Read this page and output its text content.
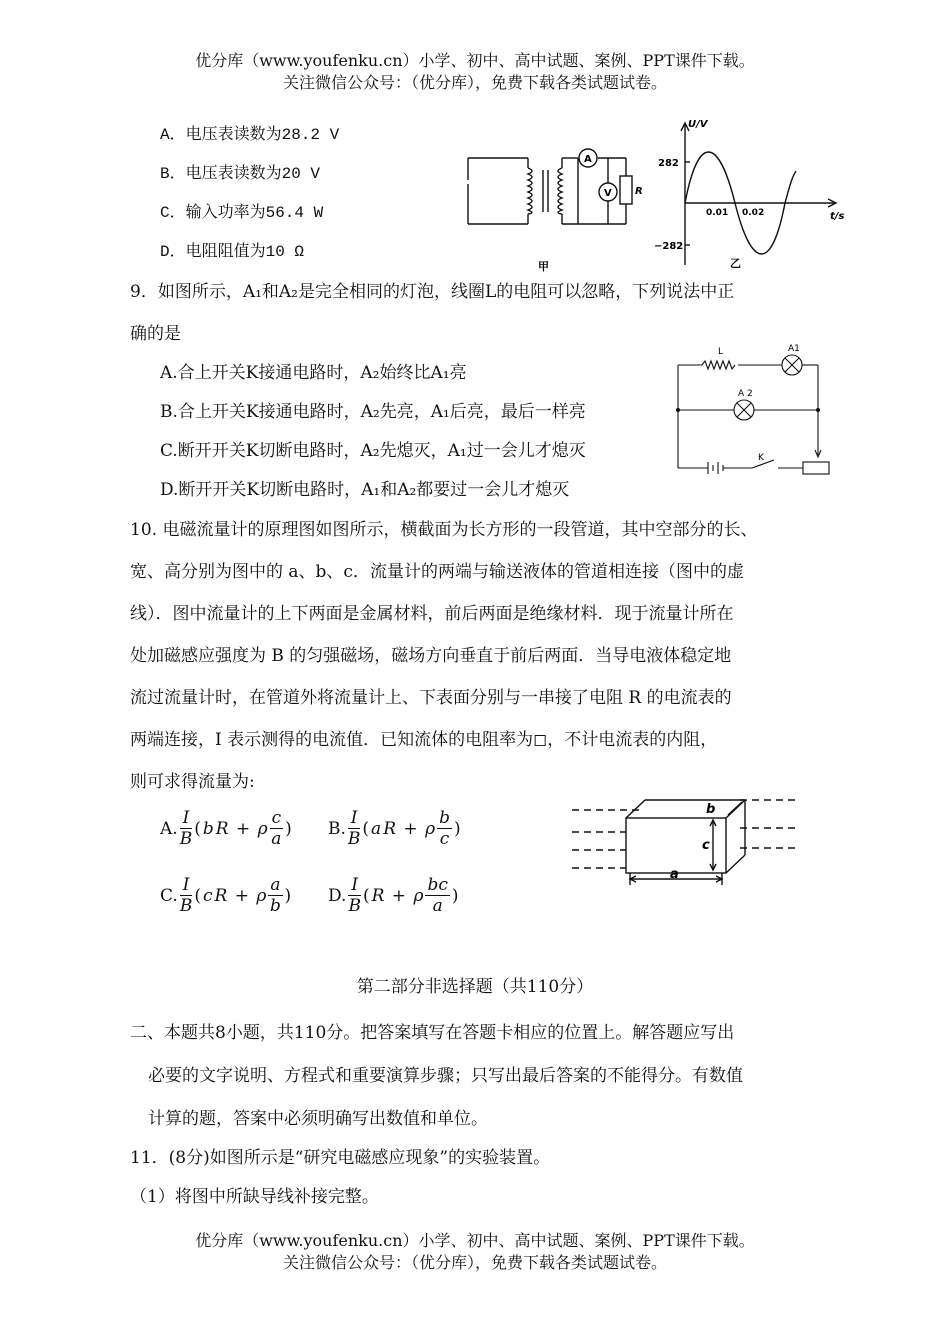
优分库（www.youfenku.cn）小学、初中、高中试题、案例、PPT课件下载。
关注微信公众号：（优分库），免费下载各类试题试卷。
A．电压表读数为28.2 V
B．电压表读数为20 V
C．输入功率为56.4 W
D．电阻阻值为10 Ω
A
V R
甲
U/V
t/s
282
−282
0.01 0.02
乙
9．如图所示，A₁和A₂是完全相同的灯泡，线圈L的电阻可以忽略，下列说法中正
确的是
A.合上开关K接通电路时，A₂始终比A₁亮
B.合上开关K接通电路时，A₂先亮，A₁后亮，最后一样亮
C.断开开关K切断电路时，A₂先熄灭，A₁过一会儿才熄灭
D.断开开关K切断电路时，A₁和A₂都要过一会儿才熄灭
L	A1
A 2
K
10. 电磁流量计的原理图如图所示，横截面为长方形的一段管道，其中空部分的长、
宽、高分别为图中的 a、b、c．流量计的两端与输送液体的管道相连接（图中的虚
线）．图中流量计的上下两面是金属材料，前后两面是绝缘材料．现于流量计所在
处加磁感应强度为 B 的匀强磁场，磁场方向垂直于前后两面．当导电液体稳定地
流过流量计时，在管道外将流量计上、下表面分别与一串接了电阻 R 的电流表的
两端连接，I 表示测得的电流值．已知流体的电阻率为◻，不计电流表的内阻，
则可求得流量为:
A. $\frac{I}{B}$ ( b R + ρ $\frac{c}{a}$ ) B. $\frac{I}{B}$ ( a R + ρ $\frac{b}{c}$ )
C. $\frac{I}{B}$ ( c R + ρ $\frac{a}{b}$ ) D. $\frac{I}{B}$ ( R + ρ $\frac{bc}{a}$ )
b
c
a
第二部分非选择题（共110分）
二、本题共8小题，共110分。把答案填写在答题卡相应的位置上。解答题应写出
必要的文字说明、方程式和重要演算步骤；只写出最后答案的不能得分。有数值
计算的题，答案中必须明确写出数值和单位。
11．(8分)如图所示是“研究电磁感应现象”的实验装置。
（1）将图中所缺导线补接完整。
优分库（www.youfenku.cn）小学、初中、高中试题、案例、PPT课件下载。
关注微信公众号：（优分库），免费下载各类试题试卷。
